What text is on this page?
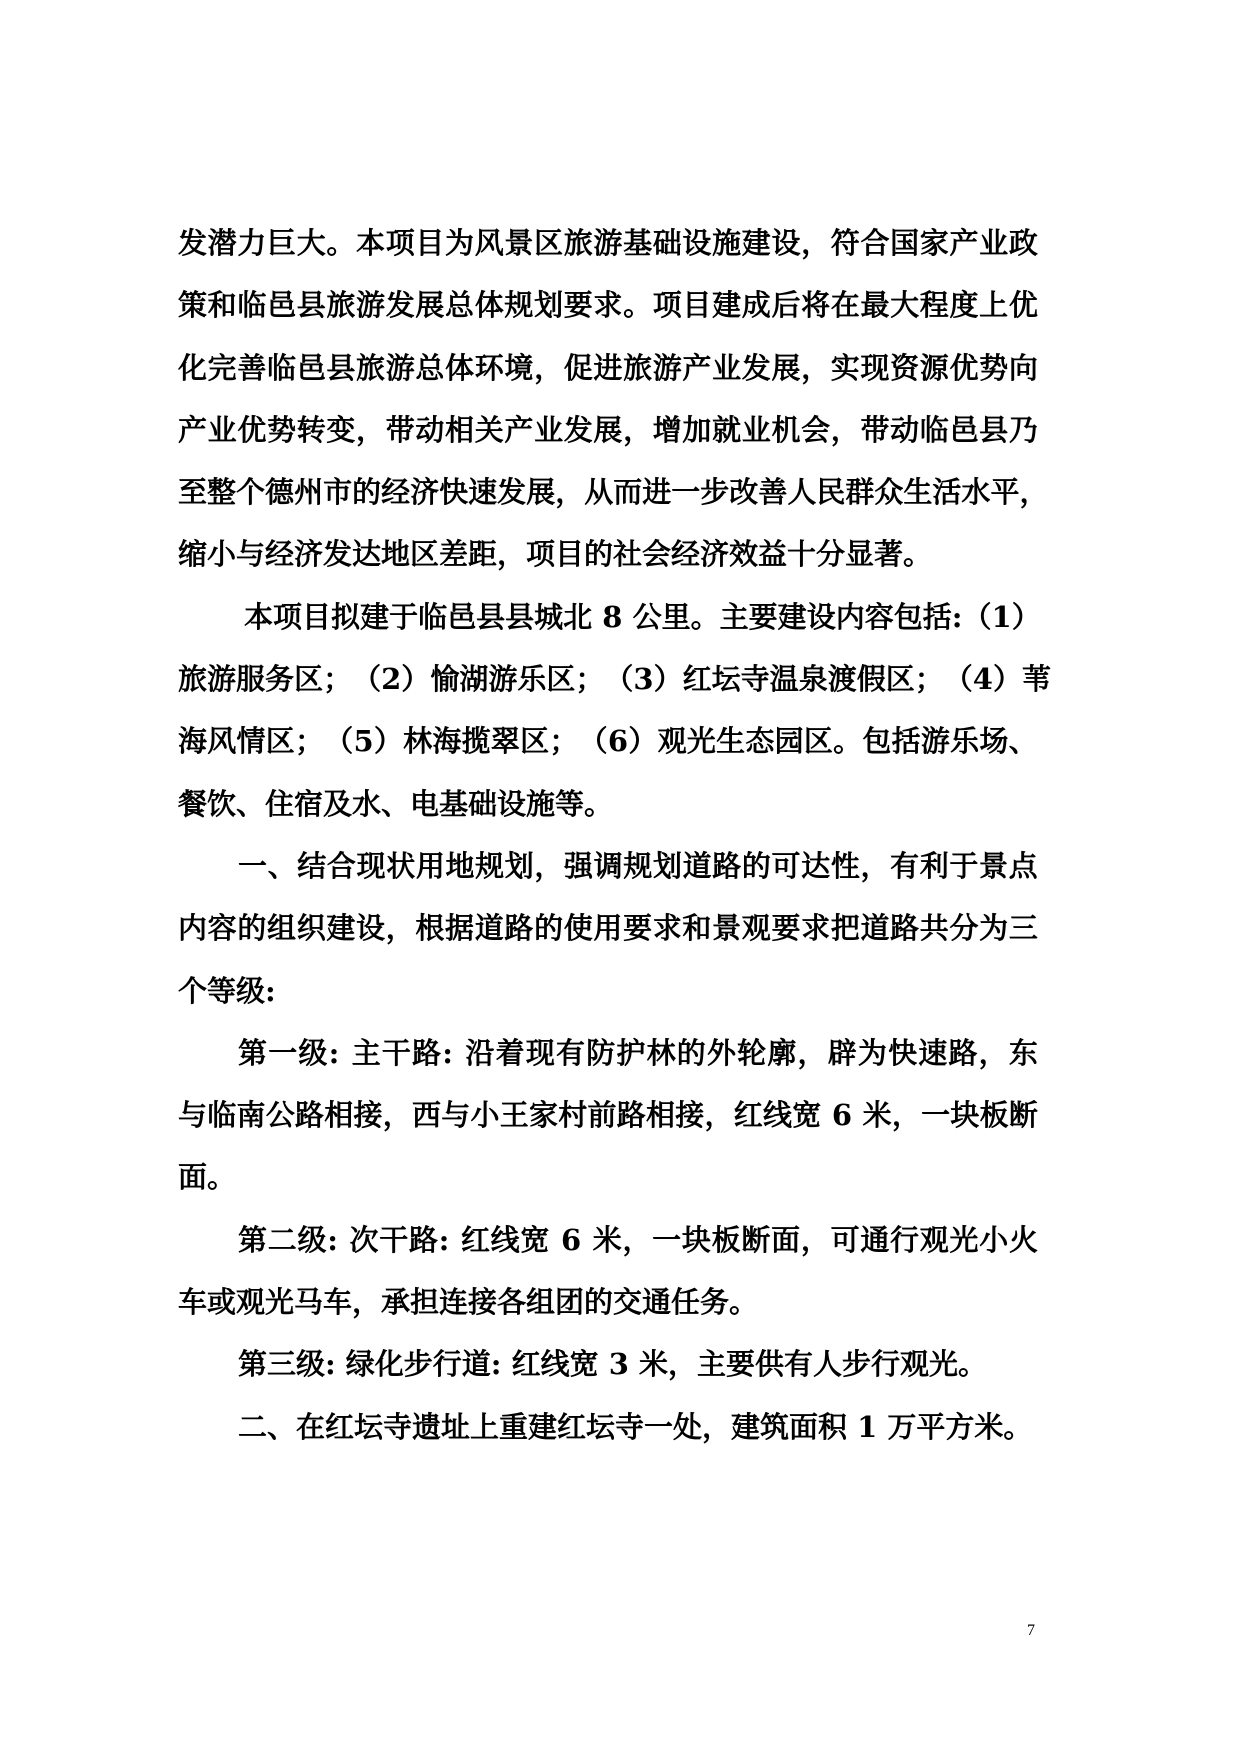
发 潜 力 巨 大 。 本 项 目 为 风 景 区 旅 游 基 础 设 施 建 设 ， 符 合 国 家 产 业 政
策 和 临 邑 县 旅 游 发 展 总 体 规 划 要 求 。 项 目 建 成 后 将 在 最 大 程 度 上 优
化 完 善 临 邑 县 旅 游 总 体 环 境 ， 促 进 旅 游 产 业 发 展 ， 实 现 资 源 优 势 向
产 业 优 势 转 变 ， 带 动 相 关 产 业 发 展 ， 增 加 就 业 机 会 ， 带 动 临 邑 县 乃
至 整 个 德 州 市 的 经 济 快 速 发 展 ， 从 而 进 一 步 改 善 人 民 群 众 生 活 水 平 ，
缩小与经济发达地区差距，项目的社会经济效益十分显著。
本 项 目 拟 建 于 临 邑 县 县 城 北
8
公 里 。 主 要 建 设 内 容 包 括 : （ 1 ）
旅 游 服 务 区 ； （ 2 ） 愉 湖 游 乐 区 ； （ 3 ） 红 坛 寺 温 泉 渡 假 区 ； （ 4 ） 苇
海 风 情 区 ； （ 5 ） 林 海 揽 翠 区 ； （ 6 ） 观 光 生 态 园 区 。 包 括 游 乐 场 、
餐饮、住宿及水、电基础设施等。
一 、 结 合 现 状 用 地 规 划 ， 强 调 规 划 道 路 的 可 达 性 ， 有 利 于 景 点
内 容 的 组 织 建 设 ， 根 据 道 路 的 使 用 要 求 和 景 观 要 求 把 道 路 共 分 为 三
个等级:
第 一 级 :
主 干 路 :
沿 着 现 有 防 护 林 的 外 轮 廓 ， 辟 为 快 速 路 ， 东
与 临 南 公 路 相 接 ， 西 与 小 王 家 村 前 路 相 接 ， 红 线 宽
6
米 ， 一 块 板 断
面。
第 二 级 :
次 干 路 :
红 线 宽
6
米 ， 一 块 板 断 面 ， 可 通 行 观 光 小 火
车或观光马车，承担连接各组团的交通任务。
第三级: 绿化步行道: 红线宽 3 米，主要供有人步行观光。
二、在红坛寺遗址上重建红坛寺一处，建筑面积 1 万平方米。
7
